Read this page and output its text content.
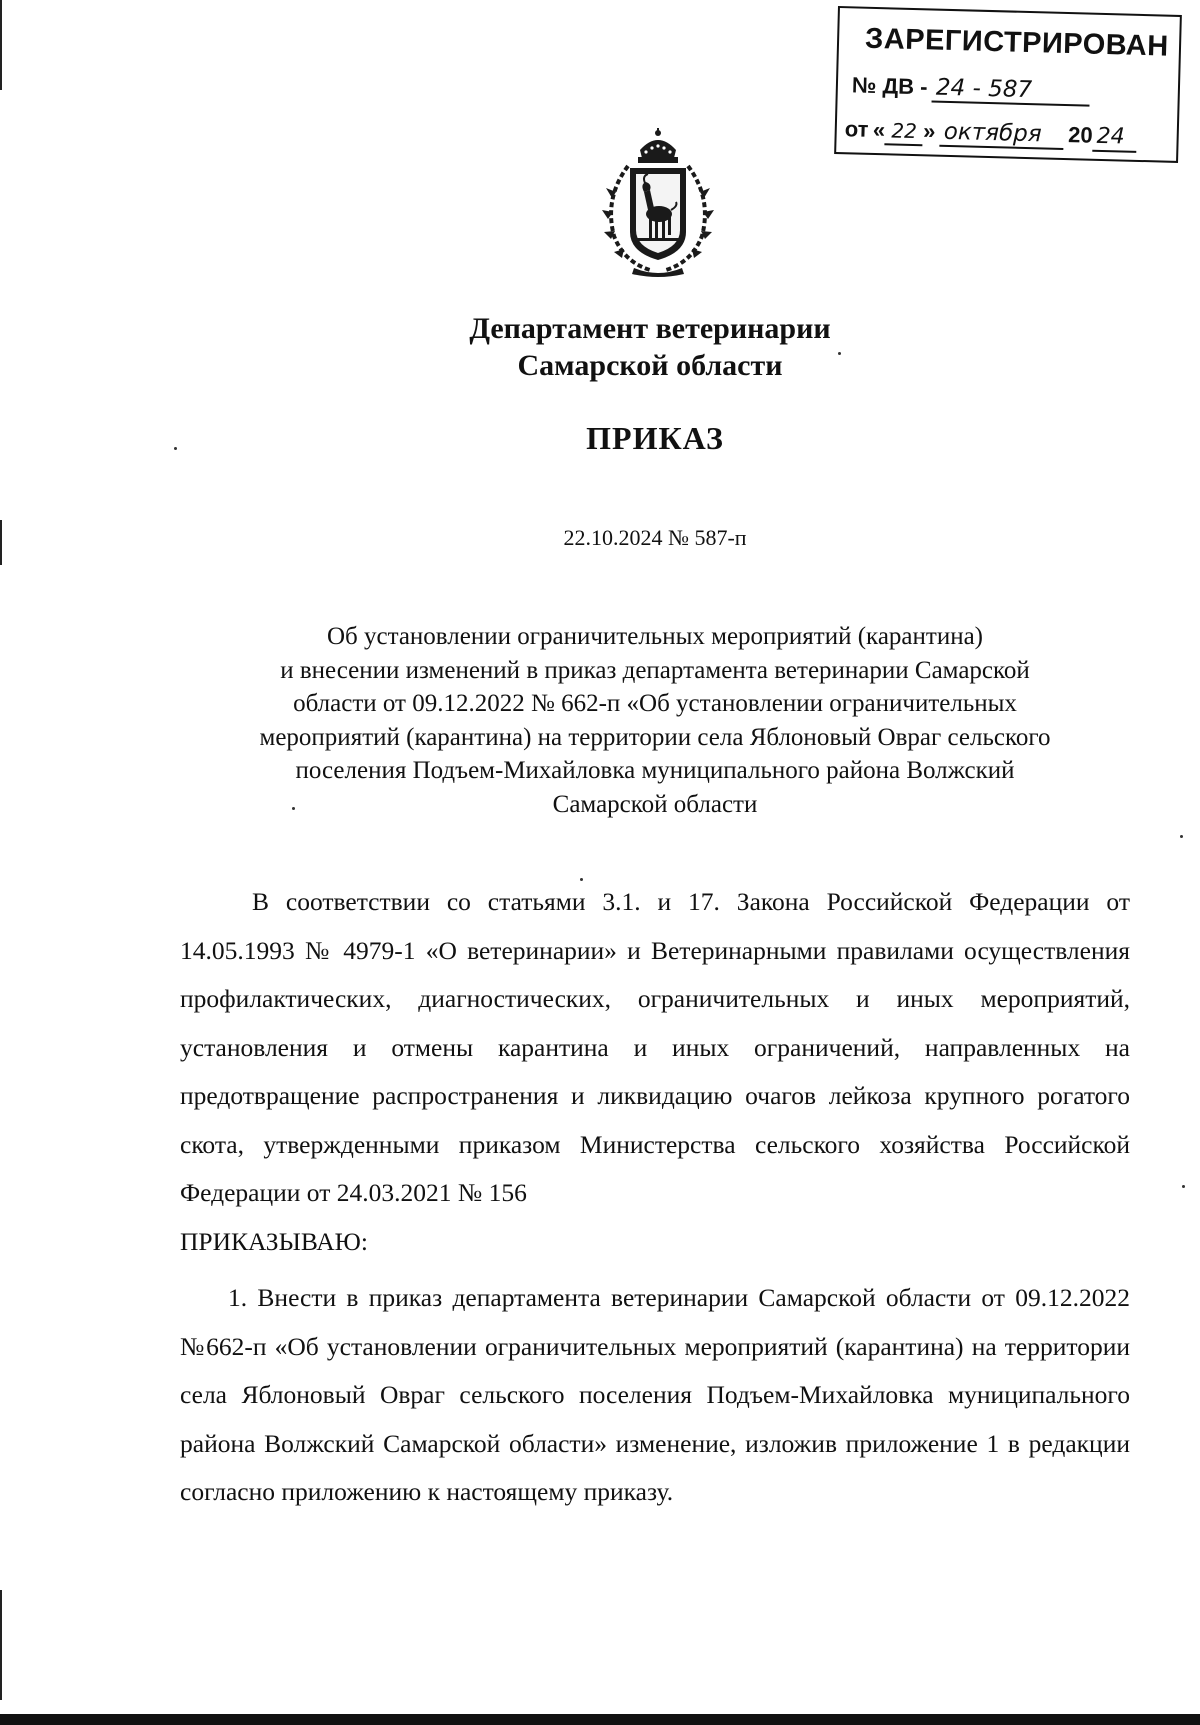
ЗАРЕГИСТРИРОВАН
№ ДВ - 24 - 587
от « 22 » октября 20 24
Департамент ветеринарии
Самарской области
ПРИКАЗ
22.10.2024 № 587-п
Об установлении ограничительных мероприятий (карантина)
и внесении изменений в приказ департамента ветеринарии Самарской
области от 09.12.2022 № 662-п «Об установлении ограничительных
мероприятий (карантина) на территории села Яблоновый Овраг сельского
поселения Подъем-Михайловка муниципального района Волжский
Самарской области
В соответствии со статьями 3.1. и 17. Закона Российской Федерации от 14.05.1993 № 4979-1 «О ветеринарии» и Ветеринарными правилами осуществления профилактических, диагностических, ограничительных и иных мероприятий, установления и отмены карантина и иных ограничений, направленных на предотвращение распространения и ликвидацию очагов лейкоза крупного рогатого скота, утвержденными приказом Министерства сельского хозяйства Российской Федерации от 24.03.2021 № 156
ПРИКАЗЫВАЮ:
1. Внести в приказ департамента ветеринарии Самарской области от 09.12.2022 №662-п «Об установлении ограничительных мероприятий (карантина) на территории села Яблоновый Овраг сельского поселения Подъем-Михайловка муниципального района Волжский Самарской области» изменение, изложив приложение 1 в редакции согласно приложению к настоящему приказу.
